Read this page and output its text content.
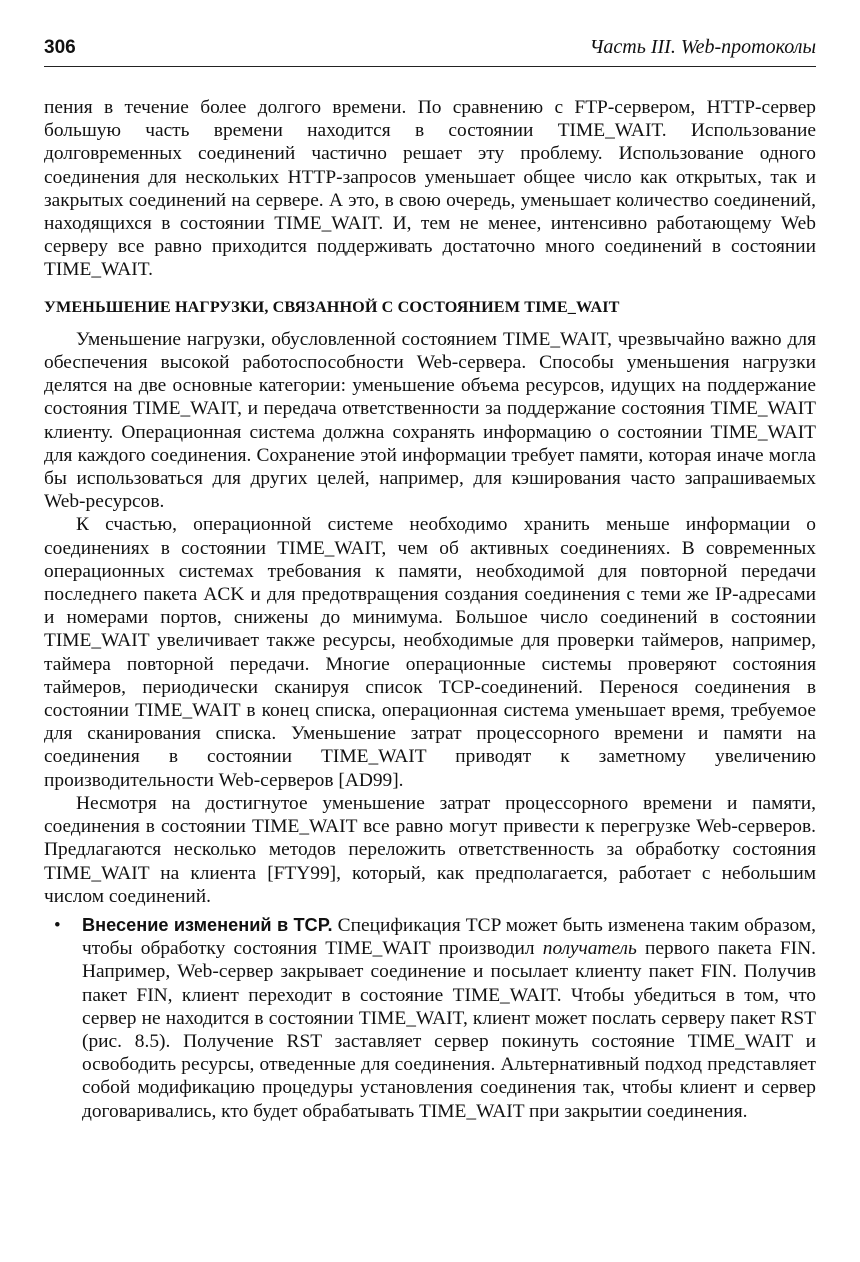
306	Часть III. Web-протоколы

пения в течение более долгого времени. По сравнению с FTP-сервером, HTTP-сервер большую часть времени находится в состоянии TIME_WAIT. Использование долговременных соединений частично решает эту проблему. Использование одного соединения для нескольких HTTP-запросов уменьшает общее число как открытых, так и закрытых соединений на сервере. А это, в свою очередь, уменьшает количество соединений, находящихся в состоянии TIME_WAIT. И, тем не менее, интенсивно работающему Web серверу все равно приходится поддерживать достаточно много соединений в состоянии TIME_WAIT.

УМЕНЬШЕНИЕ НАГРУЗКИ, СВЯЗАННОЙ С СОСТОЯНИЕМ TIME_WAIT

Уменьшение нагрузки, обусловленной состоянием TIME_WAIT, чрезвычайно важно для обеспечения высокой работоспособности Web-сервера. Способы уменьшения нагрузки делятся на две основные категории: уменьшение объема ресурсов, идущих на поддержание состояния TIME_WAIT, и передача ответственности за поддержание состояния TIME_WAIT клиенту. Операционная система должна сохранять информацию о состоянии TIME_WAIT для каждого соединения. Сохранение этой информации требует памяти, которая иначе могла бы использоваться для других целей, например, для кэширования часто запрашиваемых Web-ресурсов.

К счастью, операционной системе необходимо хранить меньше информации о соединениях в состоянии TIME_WAIT, чем об активных соединениях. В современных операционных системах требования к памяти, необходимой для повторной передачи последнего пакета ACK и для предотвращения создания соединения с теми же IP-адресами и номерами портов, снижены до минимума. Большое число соединений в состоянии TIME_WAIT увеличивает также ресурсы, необходимые для проверки таймеров, например, таймера повторной передачи. Многие операционные системы проверяют состояния таймеров, периодически сканируя список TCP-соединений. Перенося соединения в состоянии TIME_WAIT в конец списка, операционная система уменьшает время, требуемое для сканирования списка. Уменьшение затрат процессорного времени и памяти на соединения в состоянии TIME_WAIT приводят к заметному увеличению производительности Web-серверов [AD99].

Несмотря на достигнутое уменьшение затрат процессорного времени и памяти, соединения в состоянии TIME_WAIT все равно могут привести к перегрузке Web-серверов. Предлагаются несколько методов переложить ответственность за обработку состояния TIME_WAIT на клиента [FTY99], который, как предполагается, работает с небольшим числом соединений.

• Внесение изменений в TCP. Спецификация TCP может быть изменена таким образом, чтобы обработку состояния TIME_WAIT производил получатель первого пакета FIN. Например, Web-сервер закрывает соединение и посылает клиенту пакет FIN. Получив пакет FIN, клиент переходит в состояние TIME_WAIT. Чтобы убедиться в том, что сервер не находится в состоянии TIME_WAIT, клиент может послать серверу пакет RST (рис. 8.5). Получение RST заставляет сервер покинуть состояние TIME_WAIT и освободить ресурсы, отведенные для соединения. Альтернативный подход представляет собой модификацию процедуры установления соединения так, чтобы клиент и сервер договаривались, кто будет обрабатывать TIME_WAIT при закрытии соединения.
